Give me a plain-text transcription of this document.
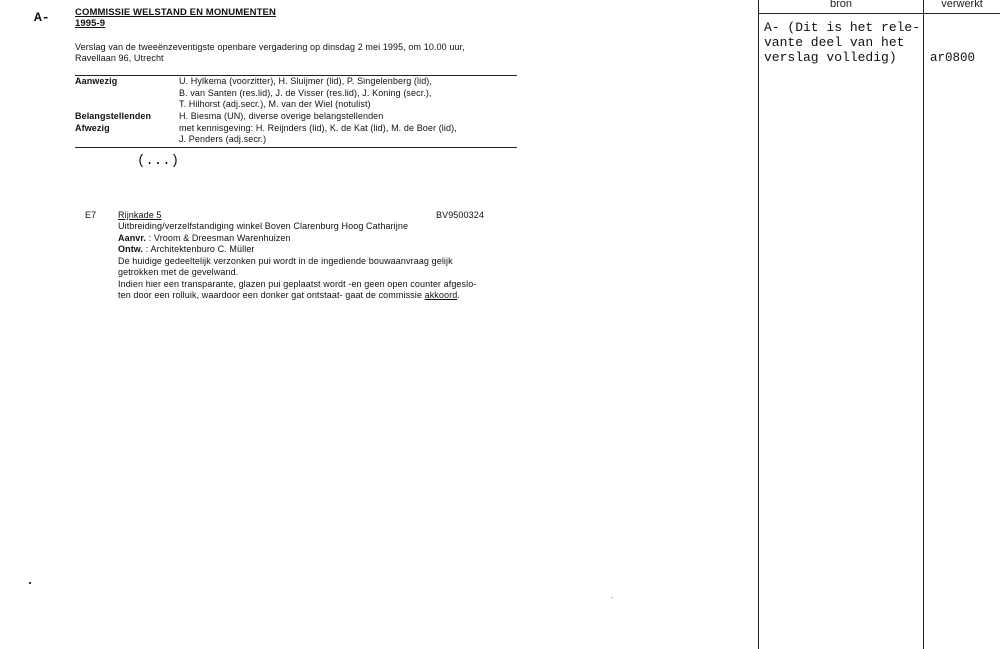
A-	COMMISSIE WELSTAND EN MONUMENTEN
1995-9
Verslag van de tweeënzeventigste openbare vergadering op dinsdag 2 mei 1995, om 10.00 uur,
Ravellaan 96, Utrecht
Aanwezig	U. Hylkema (voorzitter), H. Sluijmer (lid), P. Singelenberg (lid),
B. van Santen (res.lid), J. de Visser (res.lid), J. Koning (secr.),
T. Hilhorst (adj.secr.), M. van der Wiel (notulist)
Belangstellenden	H. Biesma (UN), diverse overige belangstellenden
Afwezig	met kennisgeving: H. Reijnders (lid), K. de Kat (lid), M. de Boer (lid),
J. Penders (adj.secr.)
(...)
E7 Rijnkade 5	BV9500324
Uitbreiding/verzelfstandiging winkel Boven Clarenburg Hoog Catharijne
Aanvr. : Vroom & Dreesman Warenhuizen
Ontw. : Architektenburo C. Müller
De huidige gedeeltelijk verzonken pui wordt in de ingediende bouwaanvraag gelijk
getrokken met de gevelwand.
Indien hier een transparante, glazen pui geplaatst wordt -en geen open counter afgeslo-
ten door een rolluik, waardoor een donker gat ontstaat- gaat de commissie akkoord.
bron	verwerkt
A- (Dit is het rele-
vante deel van het
verslag volledig)	ar0800
